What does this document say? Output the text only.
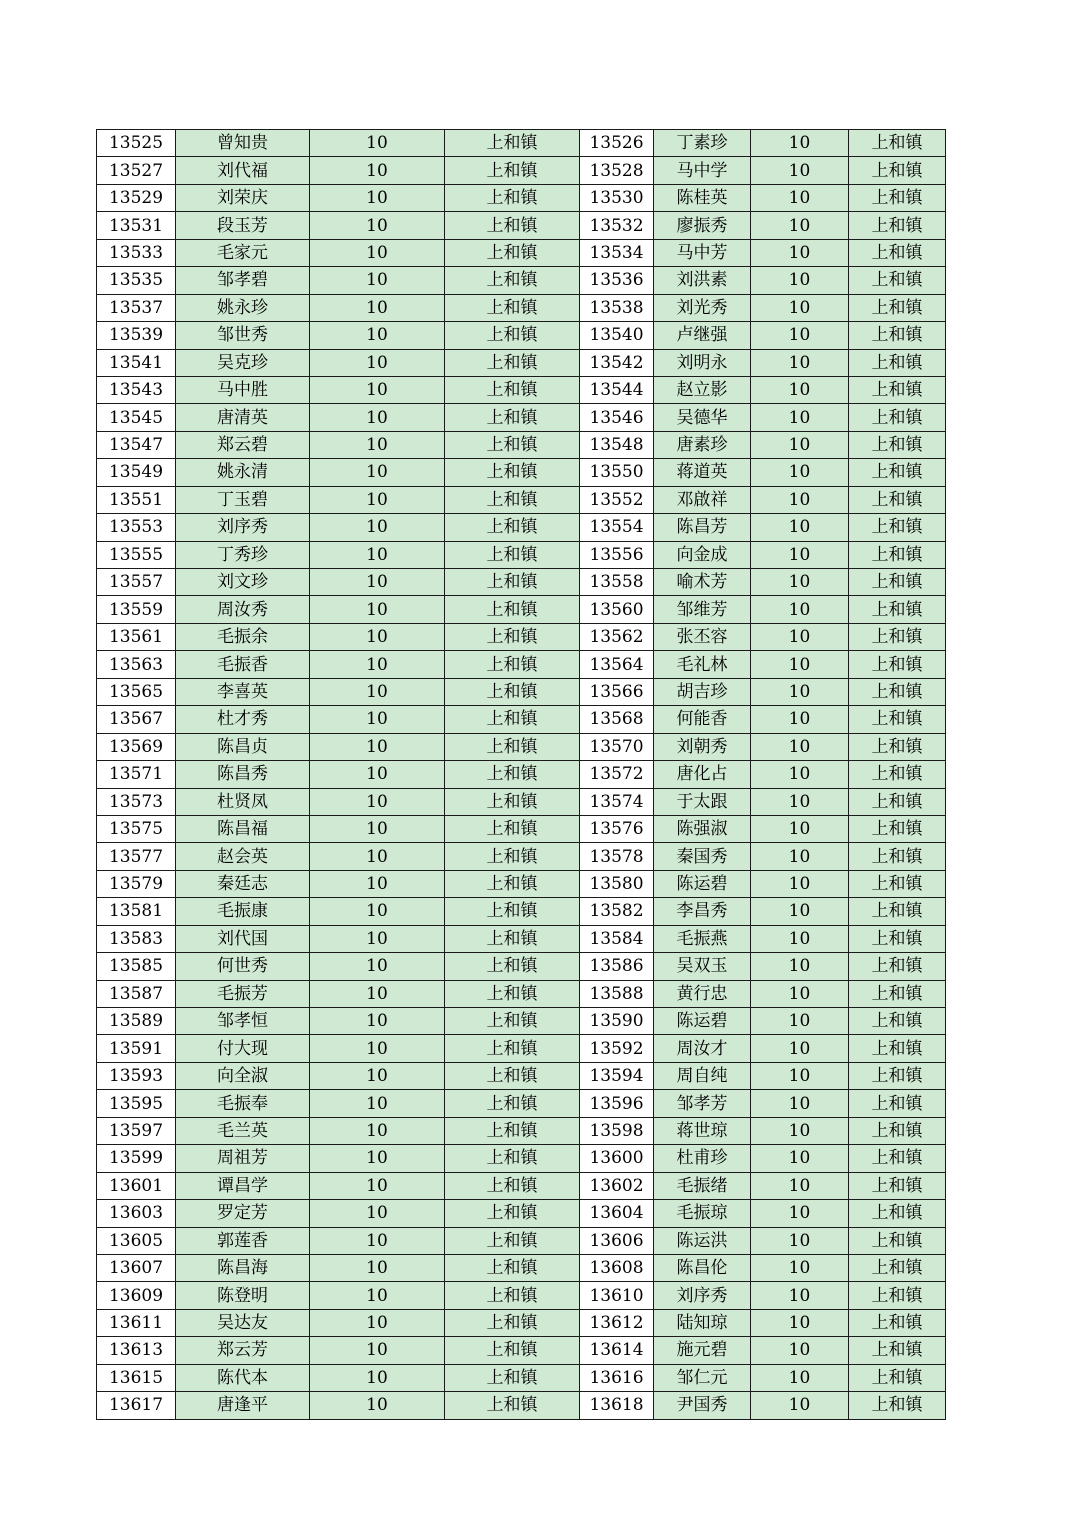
13525	曾知贵	10	上和镇	13526	丁素珍	10	上和镇
13527	刘代福	10	上和镇	13528	马中学	10	上和镇
13529	刘荣庆	10	上和镇	13530	陈桂英	10	上和镇
13531	段玉芳	10	上和镇	13532	廖振秀	10	上和镇
13533	毛家元	10	上和镇	13534	马中芳	10	上和镇
13535	邹孝碧	10	上和镇	13536	刘洪素	10	上和镇
13537	姚永珍	10	上和镇	13538	刘光秀	10	上和镇
13539	邹世秀	10	上和镇	13540	卢继强	10	上和镇
13541	吴克珍	10	上和镇	13542	刘明永	10	上和镇
13543	马中胜	10	上和镇	13544	赵立影	10	上和镇
13545	唐清英	10	上和镇	13546	吴德华	10	上和镇
13547	郑云碧	10	上和镇	13548	唐素珍	10	上和镇
13549	姚永清	10	上和镇	13550	蒋道英	10	上和镇
13551	丁玉碧	10	上和镇	13552	邓啟祥	10	上和镇
13553	刘序秀	10	上和镇	13554	陈昌芳	10	上和镇
13555	丁秀珍	10	上和镇	13556	向金成	10	上和镇
13557	刘文珍	10	上和镇	13558	喻术芳	10	上和镇
13559	周汝秀	10	上和镇	13560	邹维芳	10	上和镇
13561	毛振余	10	上和镇	13562	张丕容	10	上和镇
13563	毛振香	10	上和镇	13564	毛礼林	10	上和镇
13565	李喜英	10	上和镇	13566	胡吉珍	10	上和镇
13567	杜才秀	10	上和镇	13568	何能香	10	上和镇
13569	陈昌贞	10	上和镇	13570	刘朝秀	10	上和镇
13571	陈昌秀	10	上和镇	13572	唐化占	10	上和镇
13573	杜贤凤	10	上和镇	13574	于太跟	10	上和镇
13575	陈昌福	10	上和镇	13576	陈强淑	10	上和镇
13577	赵会英	10	上和镇	13578	秦国秀	10	上和镇
13579	秦廷志	10	上和镇	13580	陈运碧	10	上和镇
13581	毛振康	10	上和镇	13582	李昌秀	10	上和镇
13583	刘代国	10	上和镇	13584	毛振燕	10	上和镇
13585	何世秀	10	上和镇	13586	吴双玉	10	上和镇
13587	毛振芳	10	上和镇	13588	黄行忠	10	上和镇
13589	邹孝恒	10	上和镇	13590	陈运碧	10	上和镇
13591	付大现	10	上和镇	13592	周汝才	10	上和镇
13593	向全淑	10	上和镇	13594	周自纯	10	上和镇
13595	毛振奉	10	上和镇	13596	邹孝芳	10	上和镇
13597	毛兰英	10	上和镇	13598	蒋世琼	10	上和镇
13599	周祖芳	10	上和镇	13600	杜甫珍	10	上和镇
13601	谭昌学	10	上和镇	13602	毛振绪	10	上和镇
13603	罗定芳	10	上和镇	13604	毛振琼	10	上和镇
13605	郭莲香	10	上和镇	13606	陈运洪	10	上和镇
13607	陈昌海	10	上和镇	13608	陈昌伦	10	上和镇
13609	陈登明	10	上和镇	13610	刘序秀	10	上和镇
13611	吴达友	10	上和镇	13612	陆知琼	10	上和镇
13613	郑云芳	10	上和镇	13614	施元碧	10	上和镇
13615	陈代本	10	上和镇	13616	邹仁元	10	上和镇
13617	唐逢平	10	上和镇	13618	尹国秀	10	上和镇
